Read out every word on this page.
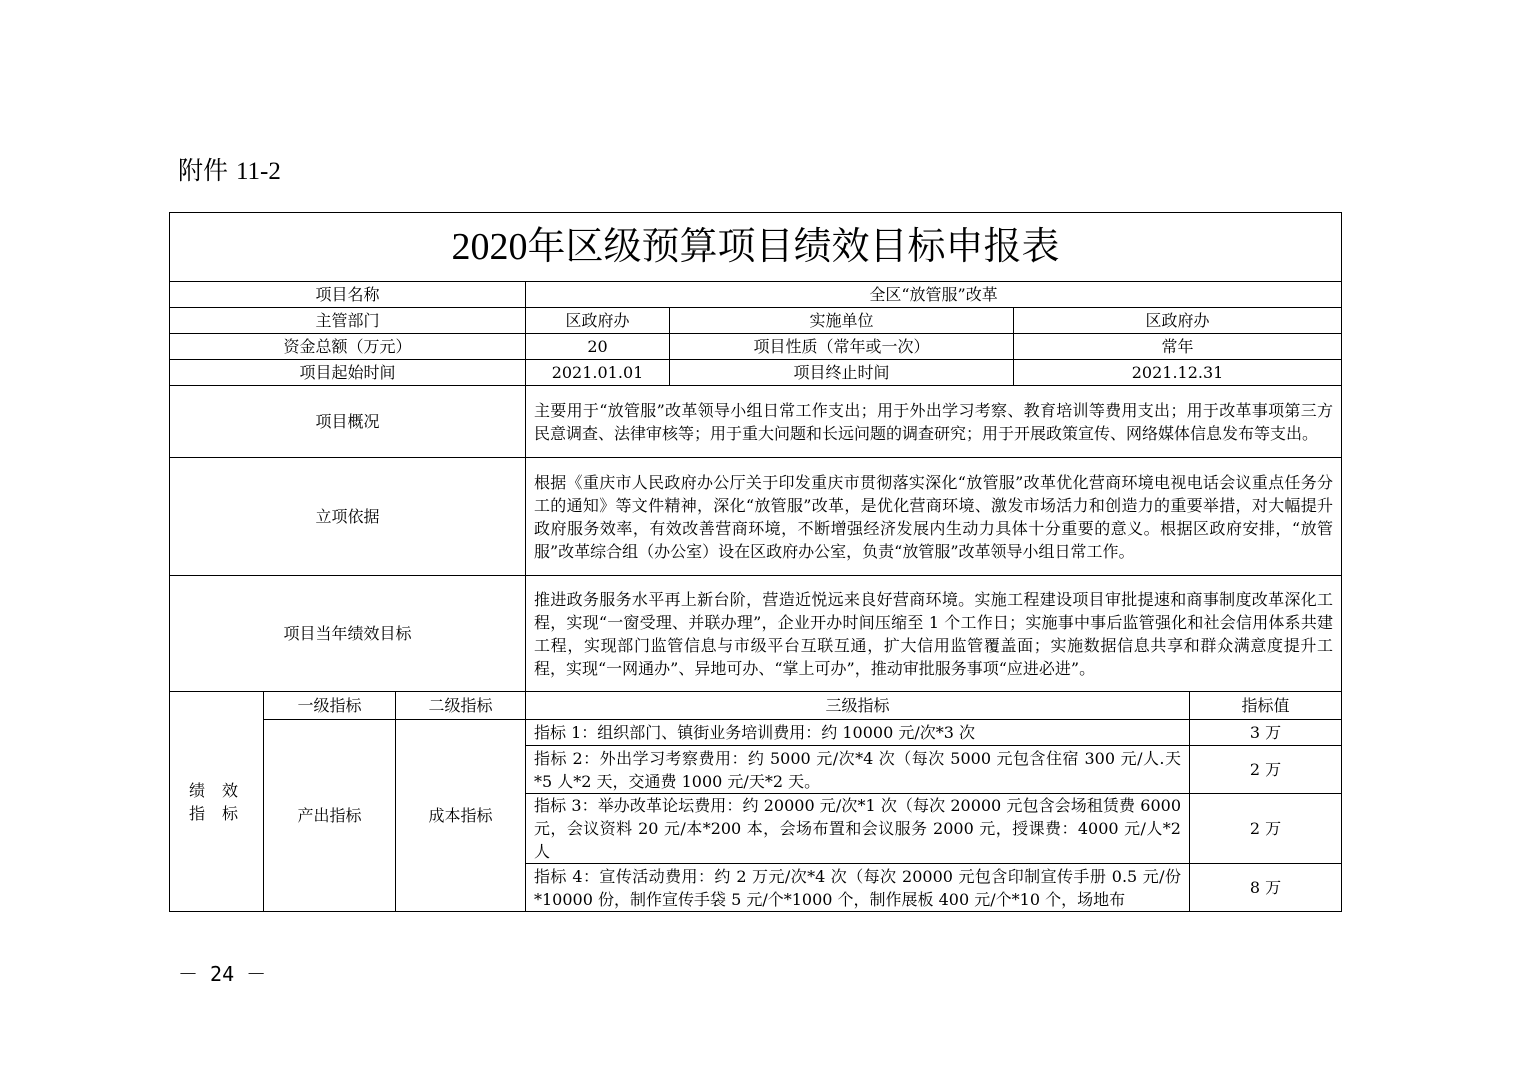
附件 11-2
2020年区级预算项目绩效目标申报表						
项目名称			全区“放管服”改革			
主管部门			区政府办	实施单位	区政府办	
资金总额（万元）			20	项目性质（常年或一次）	常年	
项目起始时间			2021.01.01	项目终止时间	2021.12.31	
项目概况			主要用于“放管服”改革领导小组日常工作支出；用于外出学习考察、教育培训等费用支出；用于改革事项第三方民意调查、法律审核等；用于重大问题和长远问题的调查研究；用于开展政策宣传、网络媒体信息发布等支出。			
立项依据			根据《重庆市人民政府办公厅关于印发重庆市贯彻落实深化“放管服”改革优化营商环境电视电话会议重点任务分工的通知》等文件精神，深化“放管服”改革，是优化营商环境、激发市场活力和创造力的重要举措，对大幅提升政府服务效率，有效改善营商环境，不断增强经济发展内生动力具体十分重要的意义。根据区政府安排，“放管服”改革综合组（办公室）设在区政府办公室，负责“放管服”改革领导小组日常工作。			
项目当年绩效目标			推进政务服务水平再上新台阶，营造近悦远来良好营商环境。实施工程建设项目审批提速和商事制度改革深化工程，实现“一窗受理、并联办理”，企业开办时间压缩至 1 个工作日；实施事中事后监管强化和社会信用体系共建工程，实现部门监管信息与市级平台互联互通，扩大信用监管覆盖面；实施数据信息共享和群众满意度提升工程，实现“一网通办”、异地可办、“掌上可办”，推动审批服务事项“应进必进”。			
绩 效 指 标	一级指标	二级指标	三级指标			指标值
	产出指标	成本指标	指标 1：组织部门、镇街业务培训费用：约 10000 元/次*3 次			3 万
			指标 2：外出学习考察费用：约 5000 元/次*4 次（每次 5000 元包含住宿 300 元/人.天*5 人*2 天，交通费 1000 元/天*2 天。			2 万
			指标 3：举办改革论坛费用：约 20000 元/次*1 次（每次 20000 元包含会场租赁费 6000 元，会议资料 20 元/本*200 本，会场布置和会议服务 2000 元，授课费：4000 元/人*2 人			2 万
			指标 4：宣传活动费用：约 2 万元/次*4 次（每次 20000 元包含印制宣传手册 0.5 元/份*10000 份，制作宣传手袋 5 元/个*1000 个，制作展板 400 元/个*10 个，场地布			8 万
－ 24 －
